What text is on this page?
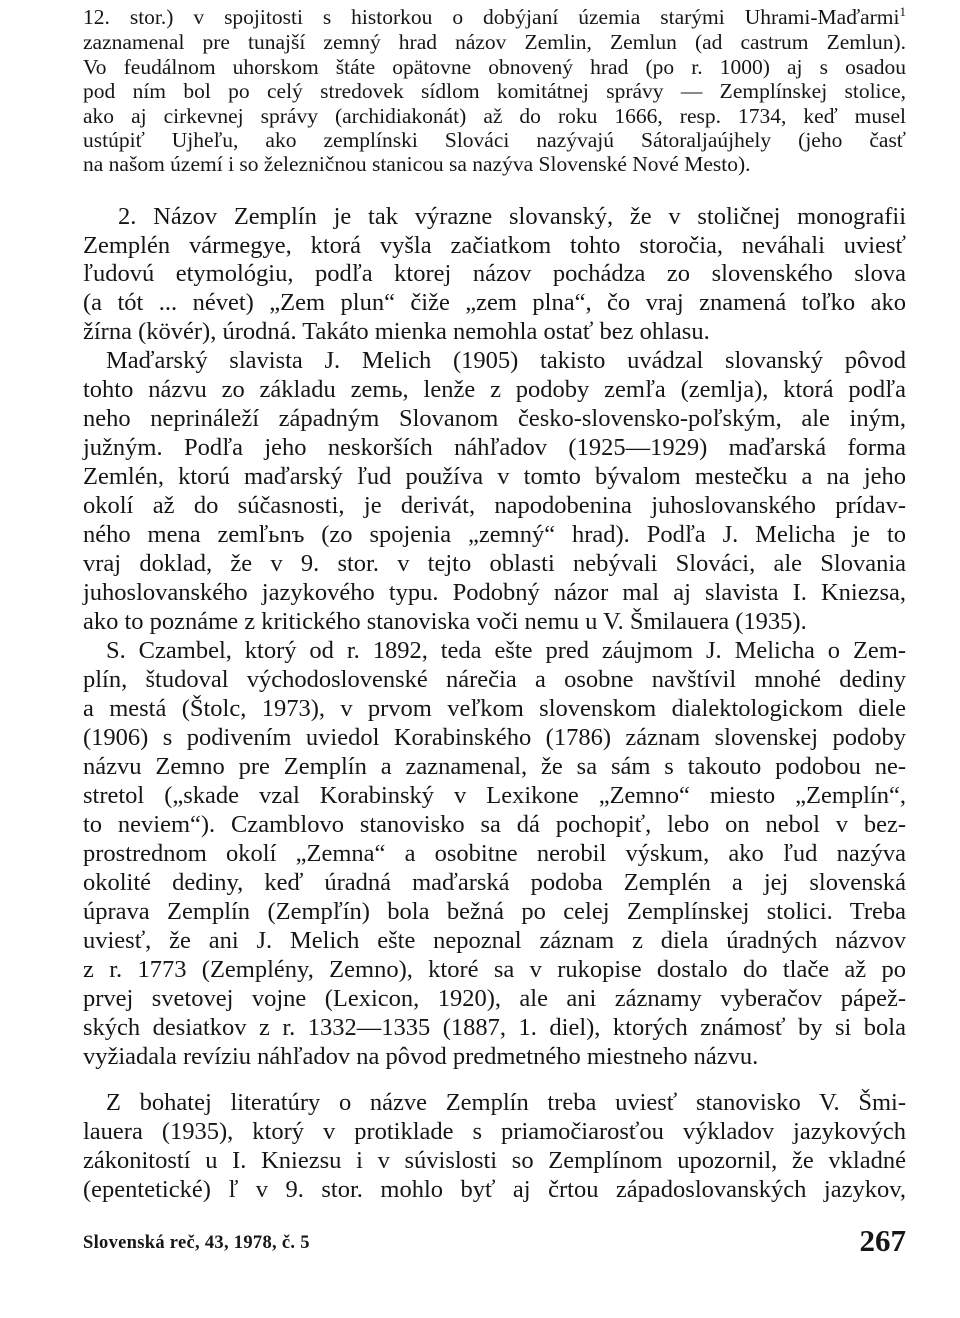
12. stor.) v spojitosti s historkou o dobýjaní územia starými Uhrami-Maďarmi$^1$
zaznamenal pre tunajší zemný hrad názov Zemlin, Zemlun (ad castrum Zemlun).
Vo feudálnom uhorskom štáte opätovne obnovený hrad (po r. 1000) aj s osadou
pod ním bol po celý stredovek sídlom komitátnej správy — Zemplínskej stolice,
ako aj cirkevnej správy (archidiakonát) až do roku 1666, resp. 1734, keď musel
ustúpiť Ujheľu, ako zemplínski Slováci nazývajú Sátoraljaújhely (jeho časť
na našom území i so železničnou stanicou sa nazýva Slovenské Nové Mesto).
2. Názov Zemplín je tak výrazne slovanský, že v stoličnej monografii
Zemplén vármegye, ktorá vyšla začiatkom tohto storočia, neváhali uviesť
ľudovú etymológiu, podľa ktorej názov pochádza zo slovenského slova
(a tót ... névet) „Zem plun“ čiže „zem plna“, čo vraj znamená toľko ako
žírna (kövér), úrodná. Takáto mienka nemohla ostať bez ohlasu.
Maďarský slavista J. Melich (1905) takisto uvádzal slovanský pôvod
tohto názvu zo základu zemь, lenže z podoby zemľa (zemlja), ktorá podľa
neho neprináleží západným Slovanom česko-slovensko-poľským, ale iným,
južným. Podľa jeho neskorších náhľadov (1925—1929) maďarská forma
Zemlén, ktorú maďarský ľud používa v tomto bývalom mestečku a na jeho
okolí až do súčasnosti, je derivát, napodobenina juhoslovanského prídav-
ného mena zemľьnъ (zo spojenia „zemný“ hrad). Podľa J. Melicha je to
vraj doklad, že v 9. stor. v tejto oblasti nebývali Slováci, ale Slovania
juhoslovanského jazykového typu. Podobný názor mal aj slavista I. Kniezsa,
ako to poznáme z kritického stanoviska voči nemu u V. Šmilauera (1935).
S. Czambel, ktorý od r. 1892, teda ešte pred záujmom J. Melicha o Zem-
plín, študoval východoslovenské nárečia a osobne navštívil mnohé dediny
a mestá (Štolc, 1973), v prvom veľkom slovenskom dialektologickom diele
(1906) s podivením uviedol Korabinského (1786) záznam slovenskej podoby
názvu Zemno pre Zemplín a zaznamenal, že sa sám s takouto podobou ne-
stretol („skade vzal Korabinský v Lexikone „Zemno“ miesto „Zemplín“,
to neviem“). Czamblovo stanovisko sa dá pochopiť, lebo on nebol v bez-
prostrednom okolí „Zemna“ a osobitne nerobil výskum, ako ľud nazýva
okolité dediny, keď úradná maďarská podoba Zemplén a jej slovenská
úprava Zemplín (Zempľín) bola bežná po celej Zemplínskej stolici. Treba
uviesť, že ani J. Melich ešte nepoznal záznam z diela úradných názvov
z r. 1773 (Zemplény, Zemno), ktoré sa v rukopise dostalo do tlače až po
prvej svetovej vojne (Lexicon, 1920), ale ani záznamy vyberačov pápež-
ských desiatkov z r. 1332—1335 (1887, 1. diel), ktorých známosť by si bola
vyžiadala revíziu náhľadov na pôvod predmetného miestneho názvu.
Z bohatej literatúry o názve Zemplín treba uviesť stanovisko V. Šmi-
lauera (1935), ktorý v protiklade s priamočiarosťou výkladov jazykových
zákonitostí u I. Kniezsu i v súvislosti so Zemplínom upozornil, že vkladné
(epentetické) ľ v 9. stor. mohlo byť aj črtou západoslovanských jazykov,
Slovenská reč, 43, 1978, č. 5	267
